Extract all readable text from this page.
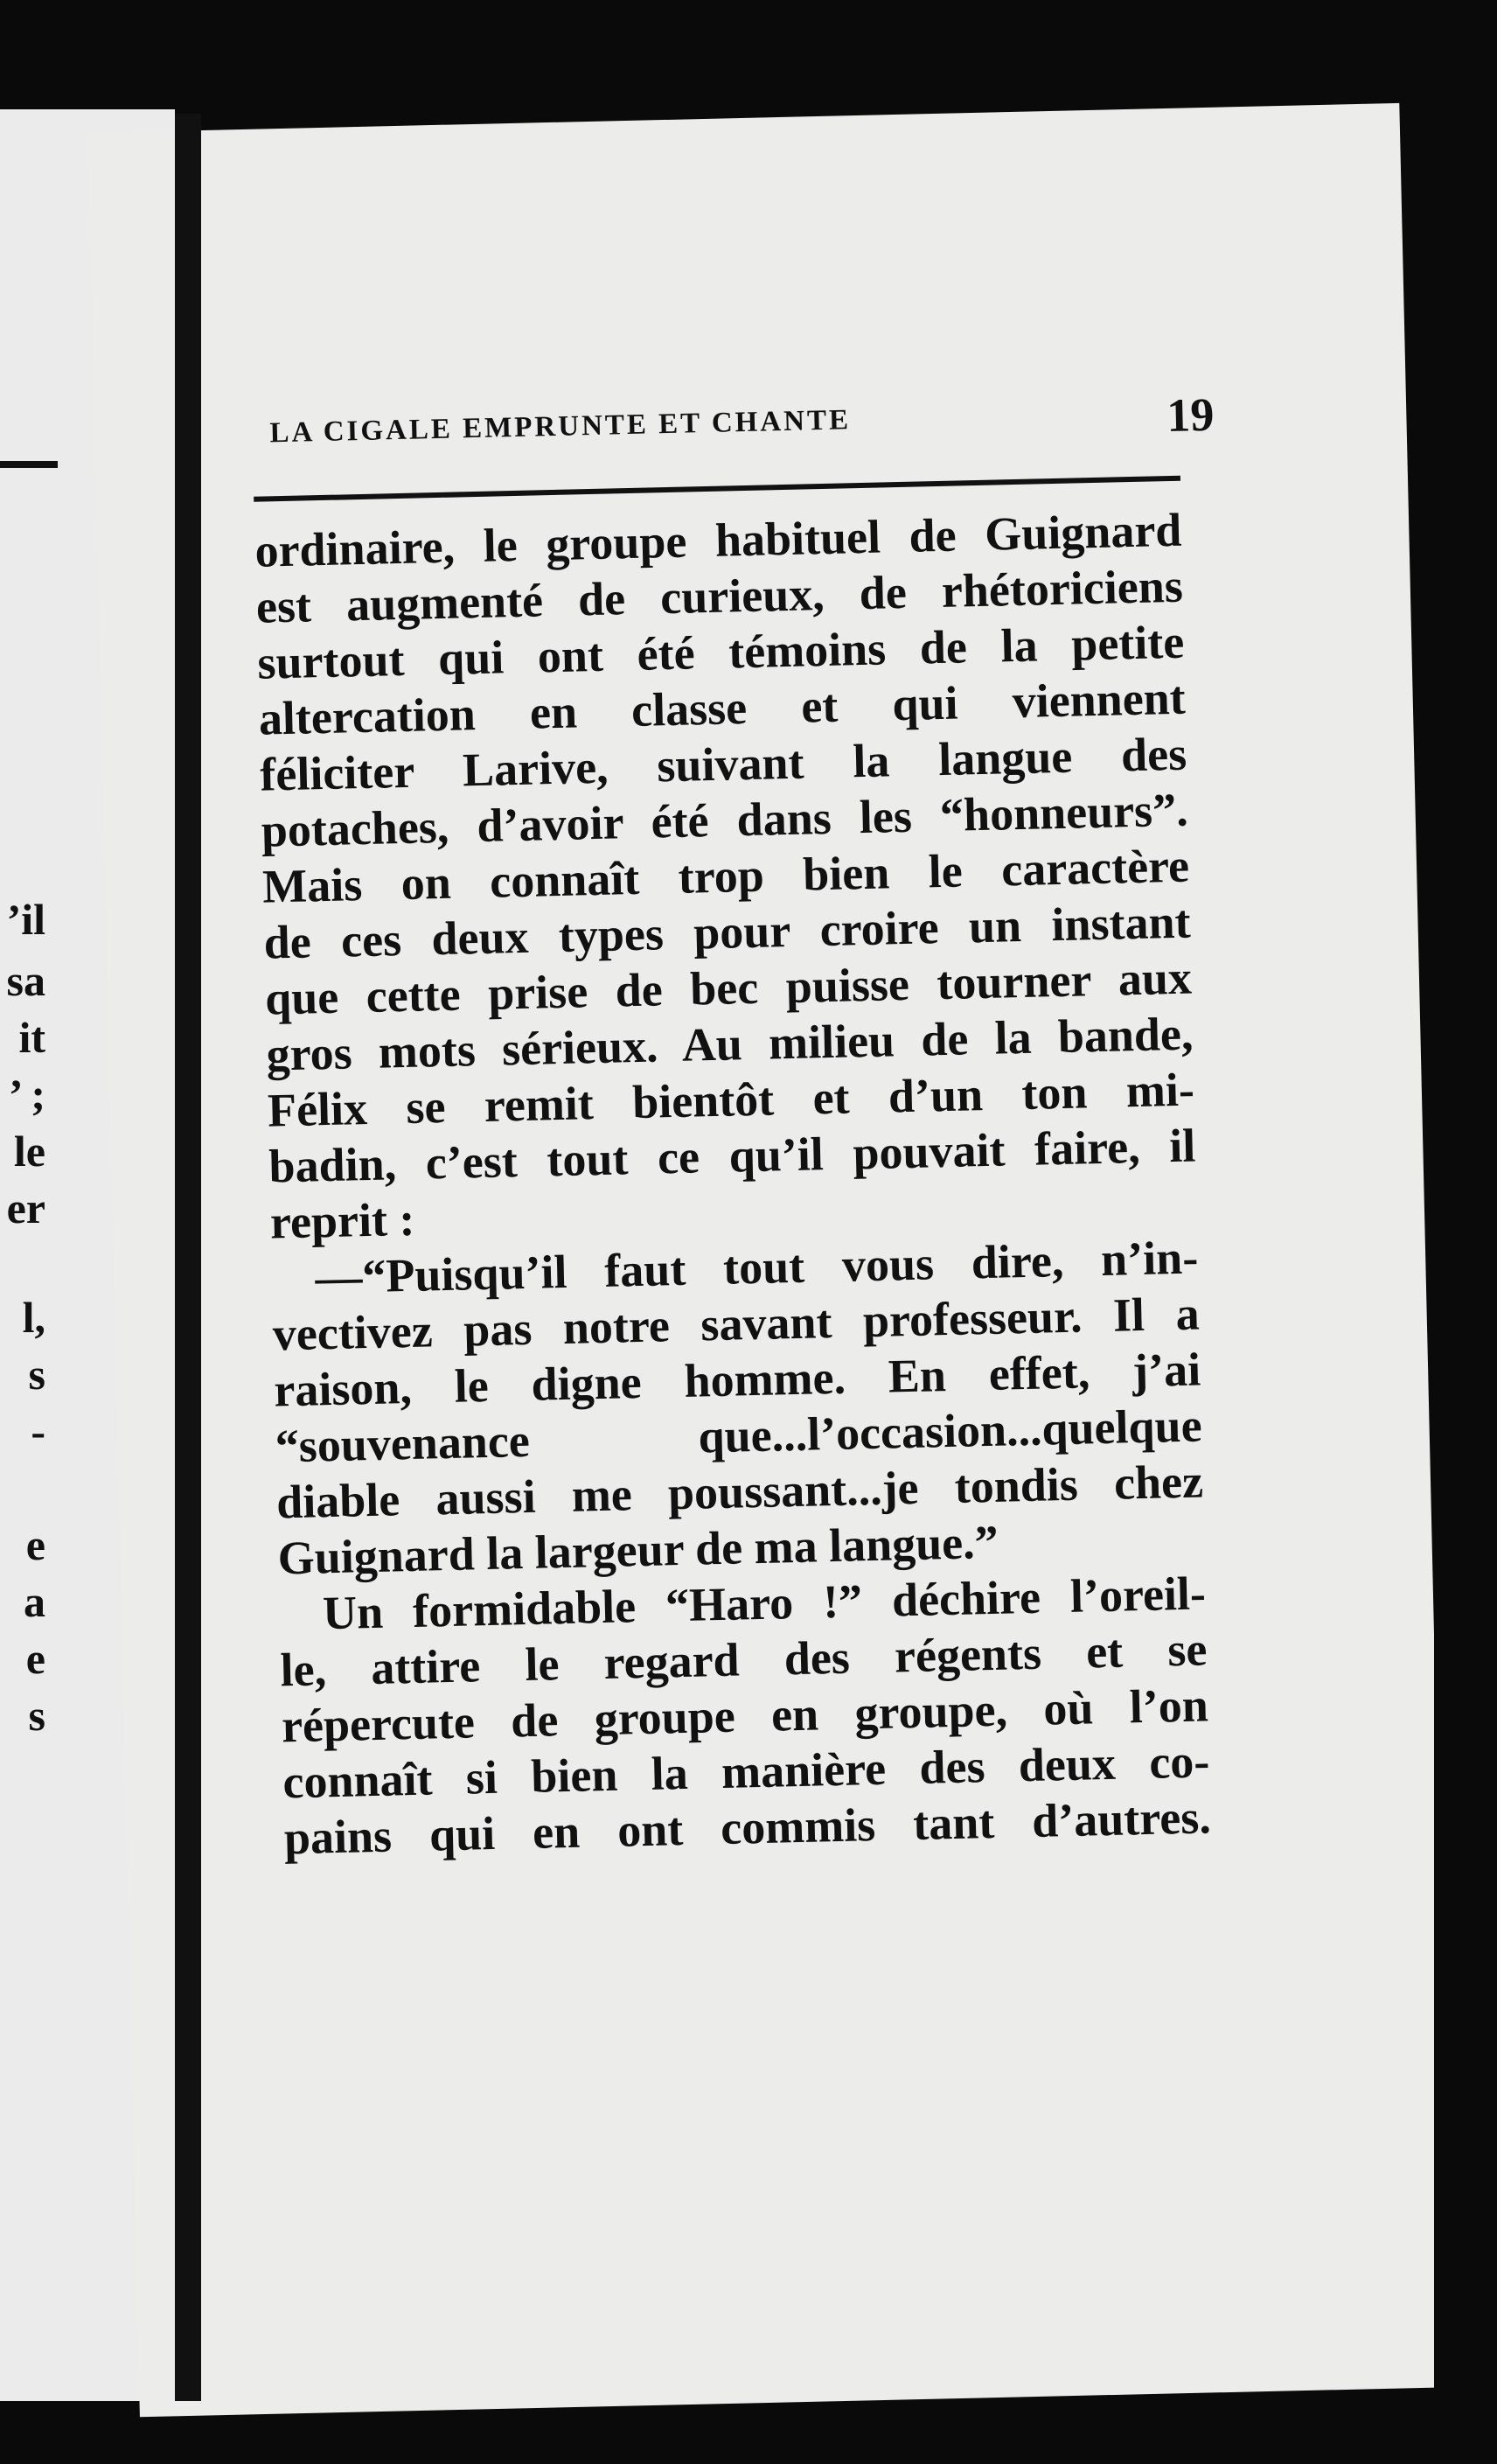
’il
sa
it
’ ;
le
er
l,
s
-
e
a
e
s
LA CIGALE EMPRUNTE ET CHANTE	19
ordinaire, le groupe habituel de Guignard
est augmenté de curieux, de rhétoriciens
surtout qui ont été témoins de la petite
altercation en classe et qui viennent
féliciter Larive, suivant la langue des
potaches, d’avoir été dans les “honneurs”.
Mais on connaît trop bien le caractère
de ces deux types pour croire un instant
que cette prise de bec puisse tourner aux
gros mots sérieux. Au milieu de la bande,
Félix se remit bientôt et d’un ton mi-
badin, c’est tout ce qu’il pouvait faire, il
reprit :
—“Puisqu’il faut tout vous dire, n’in-
vectivez pas notre savant professeur. Il a
raison, le digne homme. En effet, j’ai
“souvenance que...l’occasion...quelque
diable aussi me poussant...je tondis chez
Guignard la largeur de ma langue.”
Un formidable “Haro !” déchire l’oreil-
le, attire le regard des régents et se
répercute de groupe en groupe, où l’on
connaît si bien la manière des deux co-
pains qui en ont commis tant d’autres.
